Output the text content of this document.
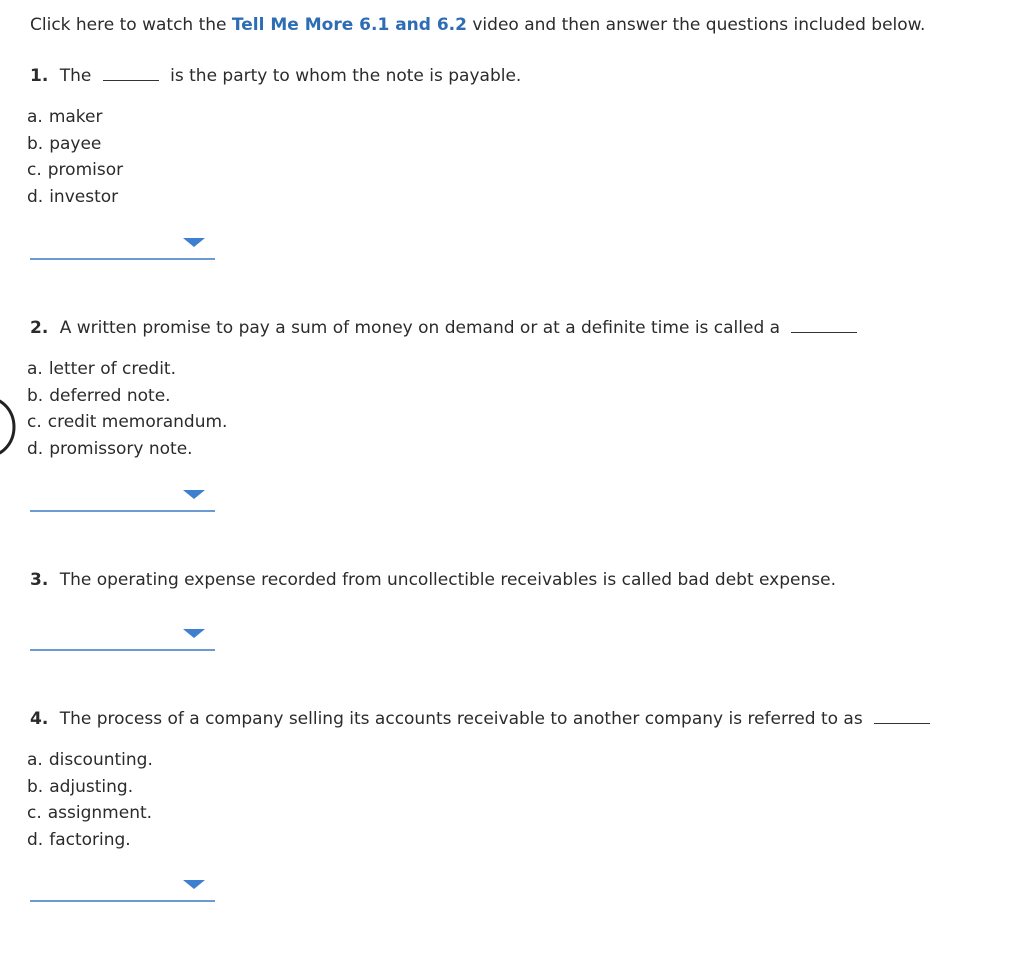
Click here to watch the Tell Me More 6.1 and 6.2 video and then answer the questions included below.
1. The	is the party to whom the note is payable.
a. maker
b. payee
c. promisor
d. investor
2. A written promise to pay a sum of money on demand or at a definite time is called a
a. letter of credit.
b. deferred note.
c. credit memorandum.
d. promissory note.
3. The operating expense recorded from uncollectible receivables is called bad debt expense.
4. The process of a company selling its accounts receivable to another company is referred to as
a. discounting.
b. adjusting.
c. assignment.
d. factoring.
